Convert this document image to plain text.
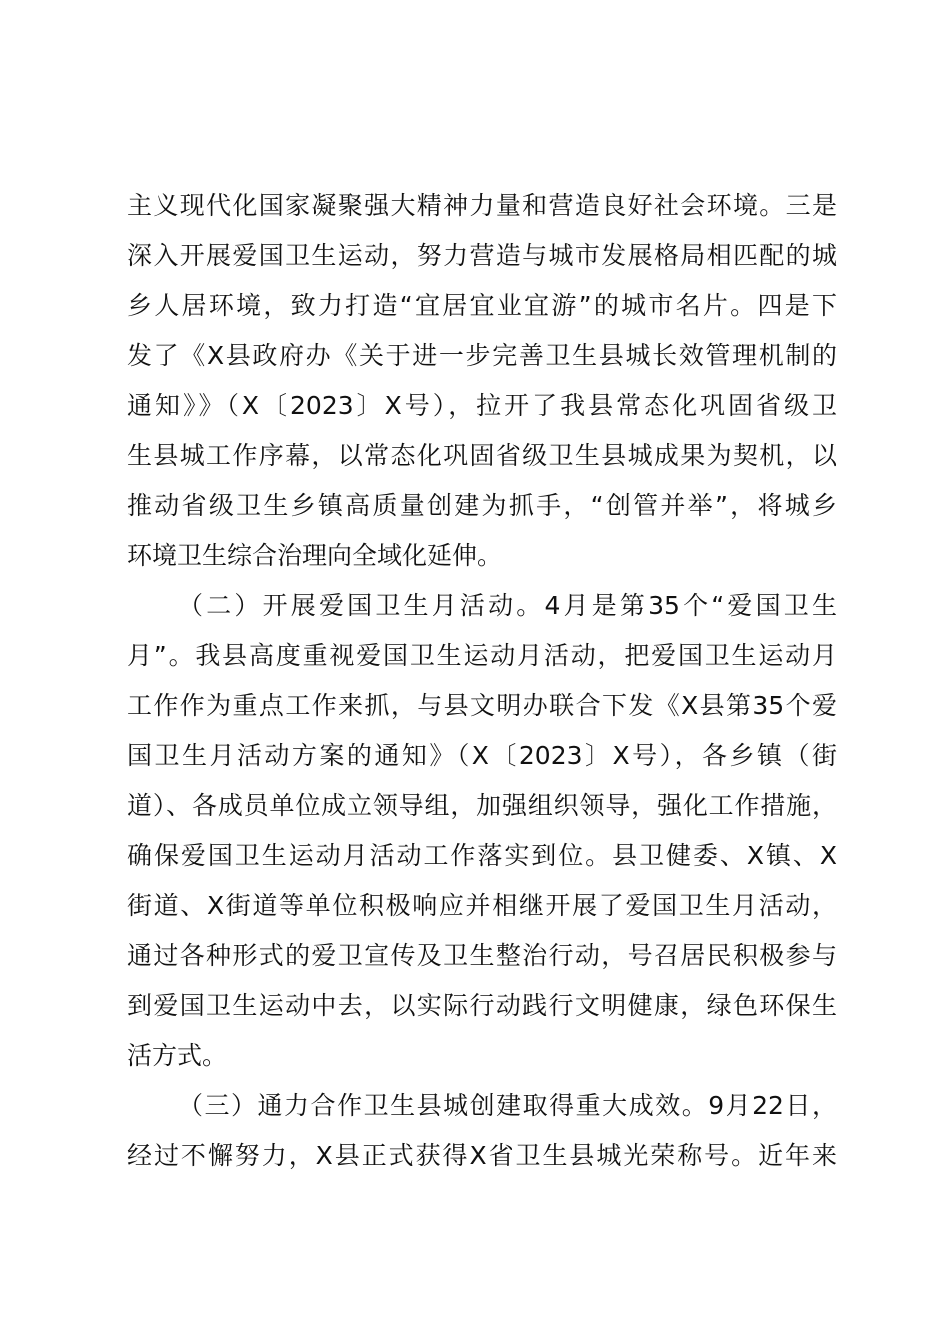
主义现代化国家凝聚强大精神力量和营造良好社会环境。三是
深入开展爱国卫生运动，努力营造与城市发展格局相匹配的城
乡人居环境，致力打造“宜居宜业宜游”的城市名片。四是下
发了《X县政府办《关于进一步完善卫生县城长效管理机制的
通知》》（X〔2023〕X号），拉开了我县常态化巩固省级卫
生县城工作序幕，以常态化巩固省级卫生县城成果为契机，以
推动省级卫生乡镇高质量创建为抓手，“创管并举”，将城乡
环境卫生综合治理向全域化延伸。
（二）开展爱国卫生月活动。4月是第35个“爱国卫生
月”。我县高度重视爱国卫生运动月活动，把爱国卫生运动月
工作作为重点工作来抓，与县文明办联合下发《X县第35个爱
国卫生月活动方案的通知》（X〔2023〕X号），各乡镇（街
道）、各成员单位成立领导组，加强组织领导，强化工作措施，
确保爱国卫生运动月活动工作落实到位。县卫健委、X镇、X
街道、X街道等单位积极响应并相继开展了爱国卫生月活动，
通过各种形式的爱卫宣传及卫生整治行动，号召居民积极参与
到爱国卫生运动中去，以实际行动践行文明健康，绿色环保生
活方式。
（三）通力合作卫生县城创建取得重大成效。9月22日，
经过不懈努力，X县正式获得X省卫生县城光荣称号。近年来
